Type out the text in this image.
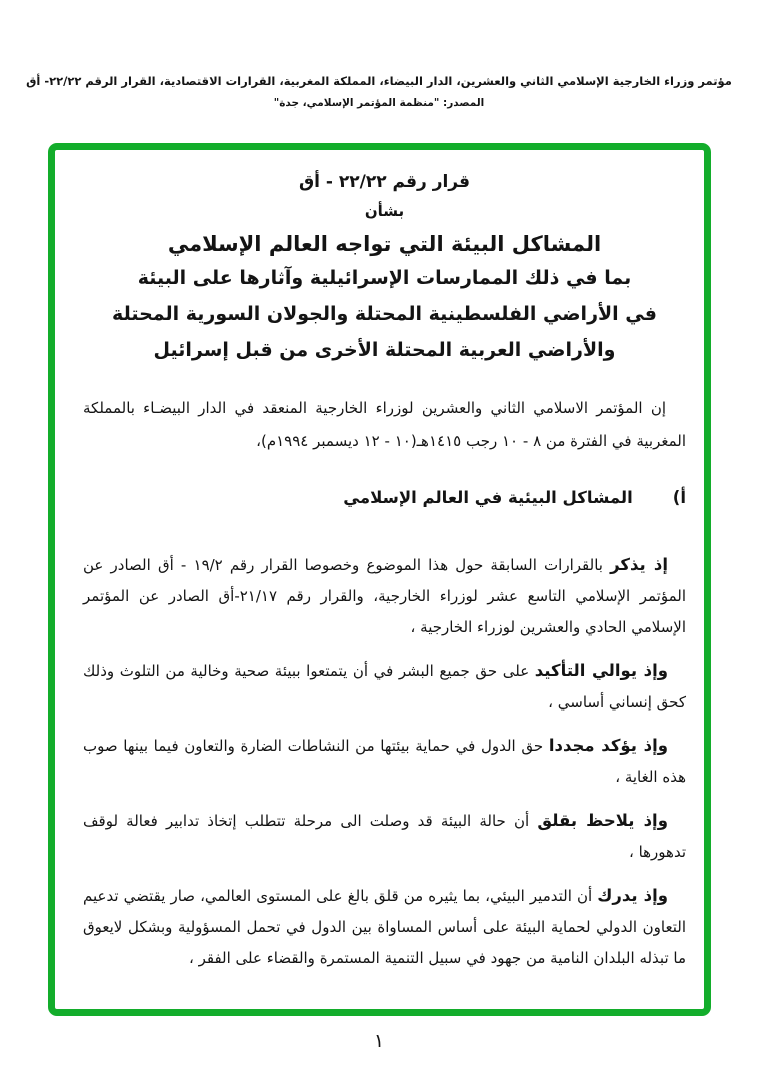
مؤتمر وزراء الخارجية الإسلامي الثاني والعشرين، الدار البيضاء، المملكة المغربية، القرارات الاقتصادية، القرار الرقم ٢٢/٢٢- أق
المصدر: "منظمة المؤتمر الإسلامي، جدة"
قرار رقم ٢٢/٢٢ - أق
بشأن
المشاكل البيئة التي تواجه العالم الإسلامي
بما في ذلك الممارسات الإسرائيلية وآثارها على البيئة
في الأراضي الفلسطينية المحتلة والجولان السورية المحتلة
والأراضي العربية المحتلة الأخرى من قبل إسرائيل

إن المؤتمر الاسلامي الثاني والعشرين لوزراء الخارجية المنعقد في الدار البيضـاء بالمملكة المغربية في الفترة من ٨ - ١٠ رجب ١٤١٥هـ(١٠ - ١٢ ديسمبر ١٩٩٤م)،

أ)المشاكل البيئية في العالم الإسلامي

إذ يذكر بالقرارات السابقة حول هذا الموضوع وخصوصا القرار رقم ١٩/٢ - أق الصادر عن المؤتمر الإسلامي التاسع عشر لوزراء الخارجية، والقرار رقم ٢١/١٧-أق الصادر عن المؤتمر الإسلامي الحادي والعشرين لوزراء الخارجية ،

وإذ يوالي التأكيد على حق جميع البشر في أن يتمتعوا ببيئة صحية وخالية من التلوث وذلك كحق إنساني أساسي ،

وإذ يؤكد مجددا حق الدول في حماية بيئتها من النشاطات الضارة والتعاون فيما بينها صوب هذه الغاية ،

وإذ يلاحظ بقلق أن حالة البيئة قد وصلت الى مرحلة تتطلب إتخاذ تدابير فعالة لوقف تدهورها ،

وإذ يدرك أن التدمير البيئي، بما يثيره من قلق بالغ على المستوى العالمي، صار يقتضي تدعيم التعاون الدولي لحماية البيئة على أساس المساواة بين الدول في تحمل المسؤولية وبشكل لايعوق ما تبذله البلدان النامية من جهود في سبيل التنمية المستمرة والقضاء على الفقر ،

١
